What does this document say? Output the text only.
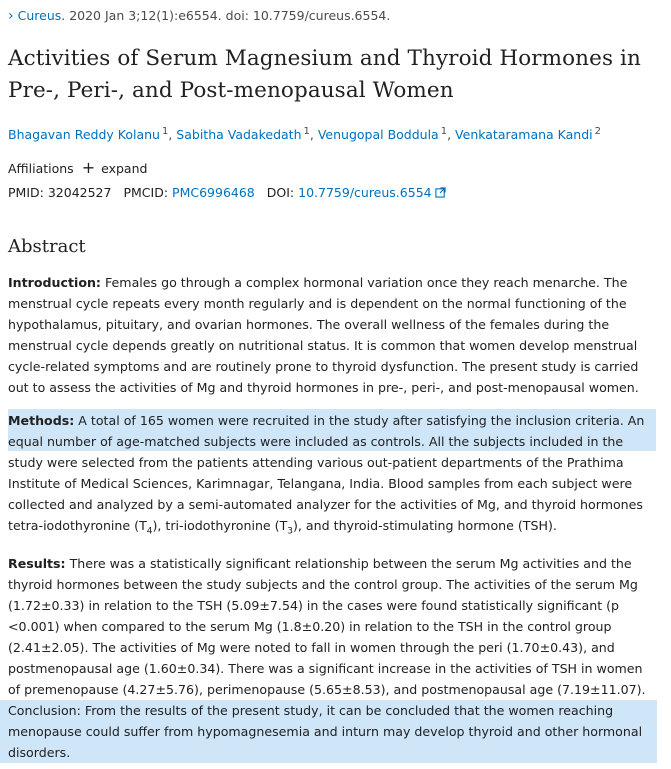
› Cureus . 2020 Jan 3;12(1):e6554. doi: 10.7759/cureus.6554.
Activities of Serum Magnesium and Thyroid Hormones in Pre-, Peri-, and Post-menopausal Women
Bhagavan Reddy Kolanu $^1$, Sabitha Vadakedath $^1$, Venugopal Boddula $^1$, Venkataramana Kandi $^2$
Affiliations + expand
PMID:
32042527 PMCID:
PMC6996468 DOI:
10.7759/cureus.6554
Abstract

Introduction: Females go through a complex hormonal variation once they reach menarche. The menstrual cycle repeats every month regularly and is dependent on the normal functioning of the hypothalamus, pituitary, and ovarian hormones. The overall wellness of the females during the menstrual cycle depends greatly on nutritional status. It is common that women develop menstrual cycle-related symptoms and are routinely prone to thyroid dysfunction. The present study is carried out to assess the activities of Mg and thyroid hormones in pre-, peri-, and post-menopausal women.

Methods: A total of 165 women were recruited in the study after satisfying the inclusion criteria. An equal number of age-matched subjects were included as controls. All the subjects included in the study were selected from the patients attending various out-patient departments of the Prathima Institute of Medical Sciences, Karimnagar, Telangana, India. Blood samples from each subject were collected and analyzed by a semi-automated analyzer for the activities of Mg, and thyroid hormones tetra-iodothyronine $(T_4)$, tri-iodothyronine $(T_3)$, and thyroid-stimulating hormone (TSH).

Results: There was a statistically significant relationship between the serum Mg activities and the thyroid hormones between the study subjects and the control group. The activities of the serum Mg (1.72±0.33) in relation to the TSH (5.09±7.54) in the cases were found statistically significant (p <0.001) when compared to the serum Mg (1.8±0.20) in relation to the TSH in the control group (2.41±2.05). The activities of Mg were noted to fall in women through the peri (1.70±0.43), and postmenopausal age (1.60±0.34). There was a significant increase in the activities of TSH in women of premenopause (4.27±5.76), perimenopause (5.65±8.53), and postmenopausal age (7.19±11.07). Conclusion: From the results of the present study, it can be concluded that the women reaching menopause could suffer from hypomagnesemia and inturn may develop thyroid and other hormonal disorders.
